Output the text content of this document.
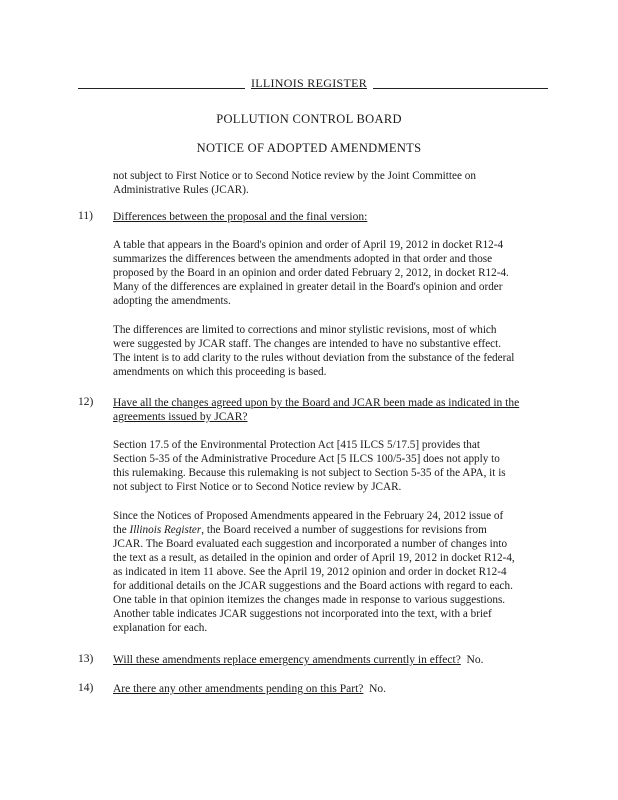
ILLINOIS REGISTER
POLLUTION CONTROL BOARD
NOTICE OF ADOPTED AMENDMENTS
not subject to First Notice or to Second Notice review by the Joint Committee on
Administrative Rules (JCAR).
11) Differences between the proposal and the final version:
A table that appears in the Board's opinion and order of April 19, 2012 in docket R12-4
summarizes the differences between the amendments adopted in that order and those
proposed by the Board in an opinion and order dated February 2, 2012, in docket R12-4.
Many of the differences are explained in greater detail in the Board's opinion and order
adopting the amendments.
The differences are limited to corrections and minor stylistic revisions, most of which
were suggested by JCAR staff. The changes are intended to have no substantive effect.
The intent is to add clarity to the rules without deviation from the substance of the federal
amendments on which this proceeding is based.
12) Have all the changes agreed upon by the Board and JCAR been made as indicated in the
agreements issued by JCAR?
Section 17.5 of the Environmental Protection Act [415 ILCS 5/17.5] provides that
Section 5-35 of the Administrative Procedure Act [5 ILCS 100/5-35] does not apply to
this rulemaking. Because this rulemaking is not subject to Section 5-35 of the APA, it is
not subject to First Notice or to Second Notice review by JCAR.
Since the Notices of Proposed Amendments appeared in the February 24, 2012 issue of
the Illinois Register, the Board received a number of suggestions for revisions from
JCAR. The Board evaluated each suggestion and incorporated a number of changes into
the text as a result, as detailed in the opinion and order of April 19, 2012 in docket R12-4,
as indicated in item 11 above. See the April 19, 2012 opinion and order in docket R12-4
for additional details on the JCAR suggestions and the Board actions with regard to each.
One table in that opinion itemizes the changes made in response to various suggestions.
Another table indicates JCAR suggestions not incorporated into the text, with a brief
explanation for each.
13) Will these amendments replace emergency amendments currently in effect? No.
14) Are there any other amendments pending on this Part? No.
